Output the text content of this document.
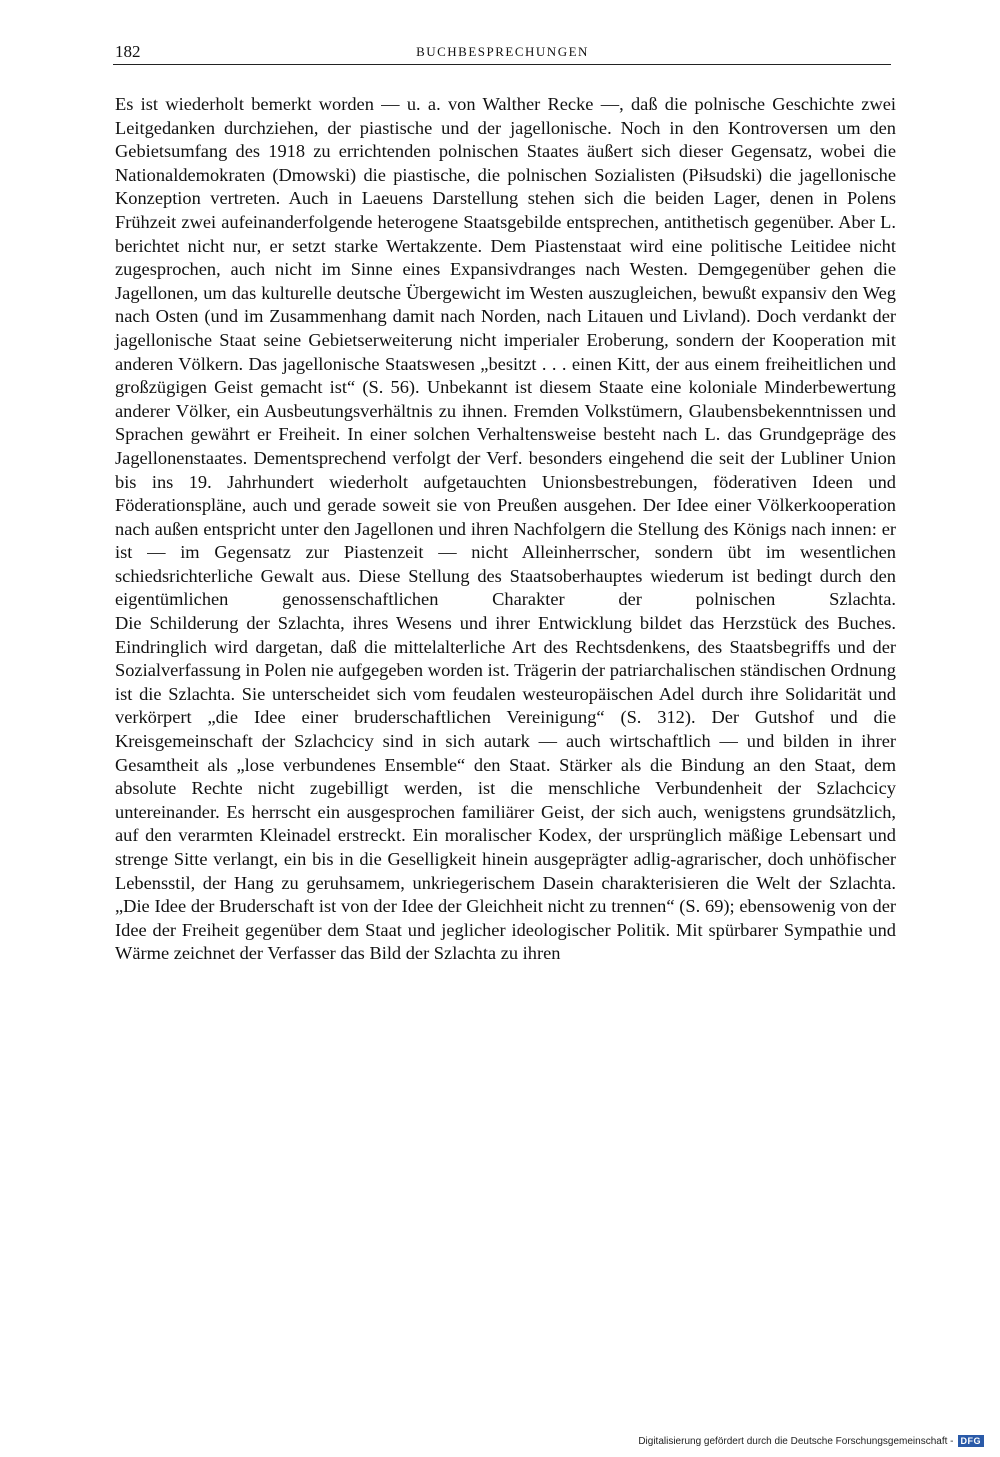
182	BUCHBESPRECHUNGEN

Es ist wiederholt bemerkt worden — u. a. von Walther Recke —, daß die polnische Geschichte zwei Leitgedanken durchziehen, der piastische und der jagellonische. Noch in den Kontroversen um den Gebietsumfang des 1918 zu errichtenden polnischen Staates äußert sich dieser Gegensatz, wobei die Nationaldemokraten (Dmowski) die piastische, die polnischen Sozialisten (Piłsudski) die jagellonische Konzeption vertreten. Auch in Laeuens Darstellung stehen sich die beiden Lager, denen in Polens Frühzeit zwei aufeinanderfolgende heterogene Staatsgebilde entsprechen, antithetisch gegenüber. Aber L. berichtet nicht nur, er setzt starke Wertakzente. Dem Piastenstaat wird eine politische Leitidee nicht zugesprochen, auch nicht im Sinne eines Expansivdranges nach Westen. Demgegenüber gehen die Jagellonen, um das kulturelle deutsche Übergewicht im Westen auszugleichen, bewußt expansiv den Weg nach Osten (und im Zusammenhang damit nach Norden, nach Litauen und Livland). Doch verdankt der jagellonische Staat seine Gebietserweiterung nicht imperialer Eroberung, sondern der Kooperation mit anderen Völkern. Das jagellonische Staatswesen „besitzt . . . einen Kitt, der aus einem freiheitlichen und großzügigen Geist gemacht ist“ (S. 56). Unbekannt ist diesem Staate eine koloniale Minderbewertung anderer Völker, ein Ausbeutungsverhältnis zu ihnen. Fremden Volkstümern, Glaubensbekenntnissen und Sprachen gewährt er Freiheit. In einer solchen Verhaltensweise besteht nach L. das Grundgepräge des Jagellonenstaates. Dementsprechend verfolgt der Verf. besonders eingehend die seit der Lubliner Union bis ins 19. Jahrhundert wiederholt aufgetauchten Unionsbestrebungen, föderativen Ideen und Föderationspläne, auch und gerade soweit sie von Preußen ausgehen. Der Idee einer Völkerkooperation nach außen entspricht unter den Jagellonen und ihren Nachfolgern die Stellung des Königs nach innen: er ist — im Gegensatz zur Piastenzeit — nicht Alleinherrscher, sondern übt im wesentlichen schiedsrichterliche Gewalt aus. Diese Stellung des Staatsoberhauptes wiederum ist bedingt durch den eigentümlichen genossenschaftlichen Charakter der polnischen Szlachta.

Die Schilderung der Szlachta, ihres Wesens und ihrer Entwicklung bildet das Herzstück des Buches. Eindringlich wird dargetan, daß die mittelalterliche Art des Rechtsdenkens, des Staatsbegriffs und der Sozialverfassung in Polen nie aufgegeben worden ist. Trägerin der patriarchalischen ständischen Ordnung ist die Szlachta. Sie unterscheidet sich vom feudalen westeuropäischen Adel durch ihre Solidarität und verkörpert „die Idee einer bruderschaftlichen Vereinigung“ (S. 312). Der Gutshof und die Kreisgemeinschaft der Szlachcicy sind in sich autark — auch wirtschaftlich — und bilden in ihrer Gesamtheit als „lose verbundenes Ensemble“ den Staat. Stärker als die Bindung an den Staat, dem absolute Rechte nicht zugebilligt werden, ist die menschliche Verbundenheit der Szlachcicy untereinander. Es herrscht ein ausgesprochen familiärer Geist, der sich auch, wenigstens grundsätzlich, auf den verarmten Kleinadel erstreckt. Ein moralischer Kodex, der ursprünglich mäßige Lebensart und strenge Sitte verlangt, ein bis in die Geselligkeit hinein ausgeprägter adlig-agrarischer, doch unhöfischer Lebensstil, der Hang zu geruhsamem, unkriegerischem Dasein charakterisieren die Welt der Szlachta. „Die Idee der Bruderschaft ist von der Idee der Gleichheit nicht zu trennen“ (S. 69); ebensowenig von der Idee der Freiheit gegenüber dem Staat und jeglicher ideologischer Politik. Mit spürbarer Sympathie und Wärme zeichnet der Verfasser das Bild der Szlachta zu ihren

Digitalisierung gefördert durch die Deutsche Forschungsgemeinschaft - DFG
